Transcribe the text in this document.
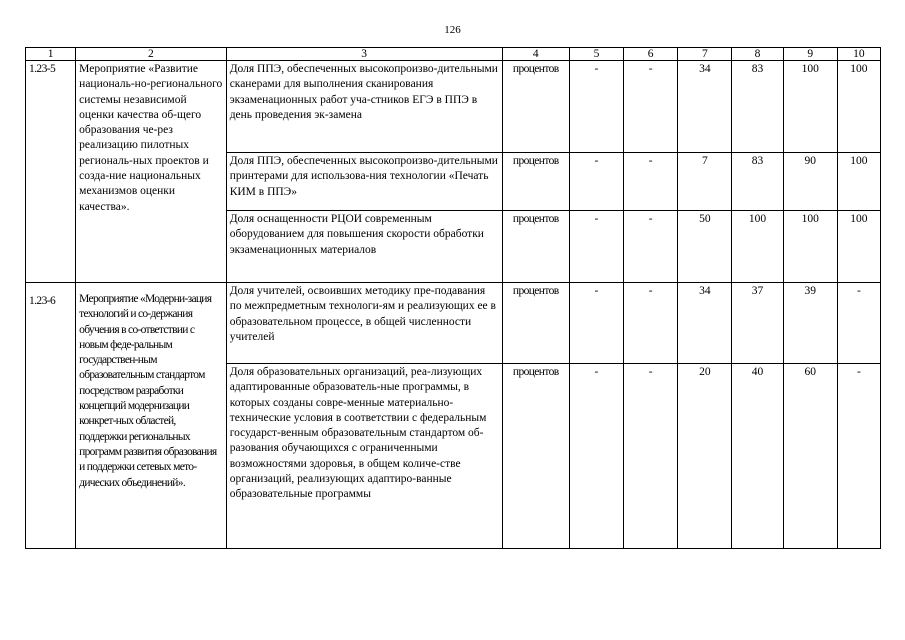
126
1	2	3	4	5	6	7	8	9	10
1.23-5	Мероприятие «Развитие националь-но-регионального системы независимой оценки качества об-щего образования че-рез реализацию пилотных региональ-ных проектов и созда-ние национальных механизмов оценки качества».	Доля ППЭ, обеспеченных высокопроизво-дительными сканерами для выполнения сканирования экзаменационных работ уча-стников ЕГЭ в ППЭ в день проведения эк-замена	процентов	-	-	34	83	100	100
		Доля ППЭ, обеспеченных высокопроизво-дительными принтерами для использова-ния технологии «Печать КИМ в ППЭ»	процентов	-	-	7	83	90	100
		Доля оснащенности РЦОИ современным оборудованием для повышения скорости обработки экзаменационных материалов	процентов	-	-	50	100	100	100
1.23-6	Мероприятие «Модерни-зация технологий и со-держания обучения в со-ответствии с новым феде-ральным государствен-ным образовательным стандартом посредством разработки концепций модернизации конкрет-ных областей, поддержки региональных программ развития образования и поддержки сетевых мето-дических объединений».	Доля учителей, освоивших методику пре-подавания по межпредметным технологи-ям и реализующих ее в образовательном процессе, в общей численности учителей	процентов	-	-	34	37	39	-
		Доля образовательных организаций, реа-лизующих адаптированные образователь-ные программы, в которых созданы совре-менные материально-технические условия в соответствии с федеральным государст-венным образовательным стандартом об-разования обучающихся с ограниченными возможностями здоровья, в общем количе-стве организаций, реализующих адаптиро-ванные образовательные программы	процентов	-	-	20	40	60	-
